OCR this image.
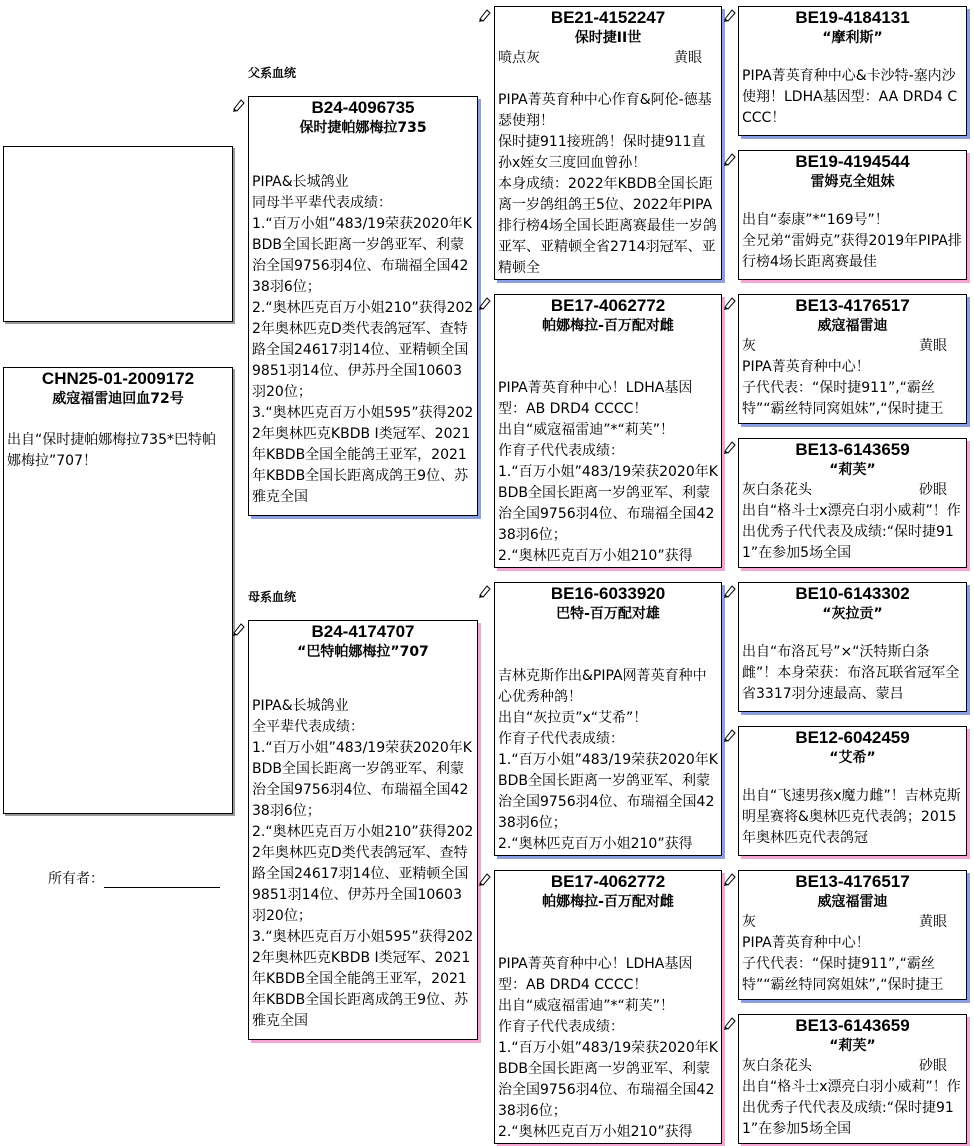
CHN25-01-2009172
威寇福雷迪回血72号
出自“保时捷帕娜梅拉735*巴特帕娜梅拉”707！
所有者：
父系血统
母系血统
B24-4096735
保时捷帕娜梅拉735
PIPA&长城鸽业
同母半平辈代表成绩：
1.“百万小姐”483/19荣获2020年KBDB全国长距离一岁鸽亚军、利蒙治全国9756羽4位、布瑞福全国4238羽6位；
2.“奥林匹克百万小姐210”获得2022年奥林匹克D类代表鸽冠军、查特路全国24617羽14位、亚精顿全国9851羽14位、伊苏丹全国10603羽20位；
3.“奥林匹克百万小姐595”获得2022年奥林匹克KBDB I类冠军、2021年KBDB全国全能鸽王亚军，2021年KBDB全国长距离成鸽王9位、苏雅克全国
B24-4174707
“巴特帕娜梅拉”707
PIPA&长城鸽业
全平辈代表成绩：
1.“百万小姐”483/19荣获2020年KBDB全国长距离一岁鸽亚军、利蒙治全国9756羽4位、布瑞福全国4238羽6位；
2.“奥林匹克百万小姐210”获得2022年奥林匹克D类代表鸽冠军、查特路全国24617羽14位、亚精顿全国9851羽14位、伊苏丹全国10603羽20位；
3.“奥林匹克百万小姐595”获得2022年奥林匹克KBDB I类冠军、2021年KBDB全国全能鸽王亚军，2021年KBDB全国长距离成鸽王9位、苏雅克全国
BE21-4152247
保时捷II世
喷点灰	黄眼
PIPA菁英育种中心作育&阿伦-德基瑟使翔！
保时捷911接班鸽！保时捷911直孙x姪女三度回血曾孙！
本身成绩：2022年KBDB全国长距离一岁鸽组鸽王5位、2022年PIPA排行榜4场全国长距离赛最佳一岁鸽亚军、亚精顿全省2714羽冠军、亚精顿全
BE17-4062772
帕娜梅拉-百万配对雌
PIPA菁英育种中心！LDHA基因型：AB DRD4 CCCC！
出自“威寇福雷迪”*“莉芙”！
作育子代代表成绩：
1.“百万小姐”483/19荣获2020年KBDB全国长距离一岁鸽亚军、利蒙治全国9756羽4位、布瑞福全国4238羽6位；
2.“奥林匹克百万小姐210”获得
BE16-6033920
巴特-百万配对雄
吉林克斯作出&PIPA网菁英育种中心优秀种鸽！
出自“灰拉贡”x“艾希”！
作育子代代表成绩：
1.“百万小姐”483/19荣获2020年KBDB全国长距离一岁鸽亚军、利蒙治全国9756羽4位、布瑞福全国4238羽6位；
2.“奥林匹克百万小姐210”获得
BE17-4062772
帕娜梅拉-百万配对雌
PIPA菁英育种中心！LDHA基因型：AB DRD4 CCCC！
出自“威寇福雷迪”*“莉芙”！
作育子代代表成绩：
1.“百万小姐”483/19荣获2020年KBDB全国长距离一岁鸽亚军、利蒙治全国9756羽4位、布瑞福全国4238羽6位；
2.“奥林匹克百万小姐210”获得
BE19-4184131
“摩利斯”
PIPA菁英育种中心&卡沙特-塞内沙使翔！LDHA基因型：AA DRD4 CCCC！
BE19-4194544
雷姆克全姐妹
出自“泰康”*“169号”！
全兄弟“雷姆克”获得2019年PIPA排行榜4场长距离赛最佳
BE13-4176517
威寇福雷迪
灰	黄眼
PIPA菁英育种中心！
子代代表：“保时捷911”,“霸丝特”“霸丝特同窝姐妹”,“保时捷王
BE13-6143659
“莉芙”
灰白条花头	砂眼
出自“格斗士x漂亮白羽小威莉”！作出优秀子代代表及成绩:“保时捷911”在参加5场全国
BE10-6143302
“灰拉贡”
出自“布洛瓦号”×“沃特斯白条雌”！本身荣获：布洛瓦联省冠军全省3317羽分速最高、蒙吕
BE12-6042459
“艾希”
出自“飞速男孩x魔力雌”！吉林克斯明星赛将&奥林匹克代表鸽；2015年奥林匹克代表鸽冠
BE13-4176517
威寇福雷迪
灰	黄眼
PIPA菁英育种中心！
子代代表：“保时捷911”,“霸丝特”“霸丝特同窝姐妹”,“保时捷王
BE13-6143659
“莉芙”
灰白条花头	砂眼
出自“格斗士x漂亮白羽小威莉”！作出优秀子代代表及成绩:“保时捷911”在参加5场全国
